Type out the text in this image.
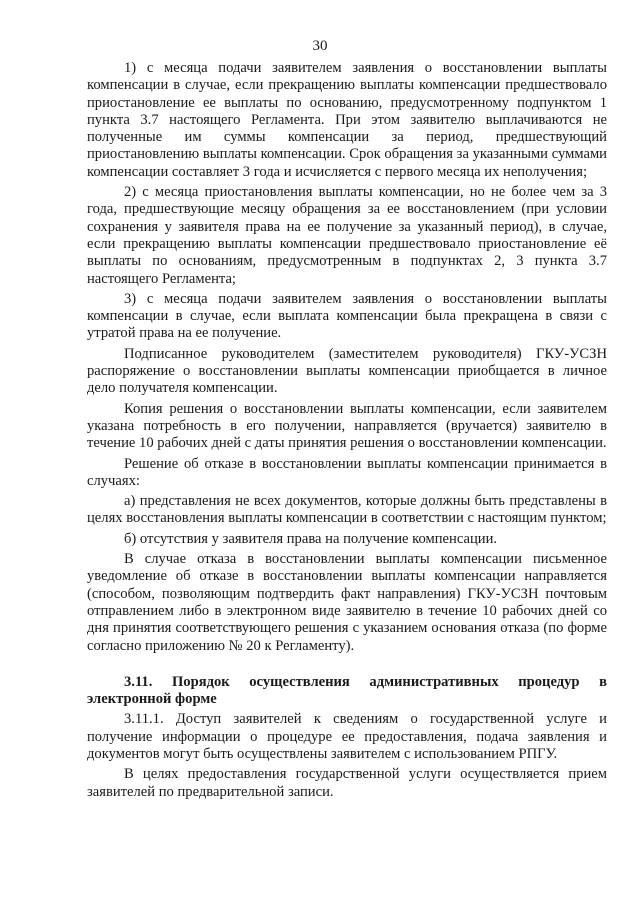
30

1) с месяца подачи заявителем заявления о восстановлении выплаты компенсации в случае, если прекращению выплаты компенсации предшествовало приостановление ее выплаты по основанию, предусмотренному подпунктом 1 пункта 3.7 настоящего Регламента. При этом заявителю выплачиваются не полученные им суммы компенсации за период, предшествующий приостановлению выплаты компенсации. Срок обращения за указанными суммами компенсации составляет 3 года и исчисляется с первого месяца их неполучения;

2) с месяца приостановления выплаты компенсации, но не более чем за 3 года, предшествующие месяцу обращения за ее восстановлением (при условии сохранения у заявителя права на ее получение за указанный период), в случае, если прекращению выплаты компенсации предшествовало приостановление её выплаты по основаниям, предусмотренным в подпунктах 2, 3 пункта 3.7 настоящего Регламента;

3) с месяца подачи заявителем заявления о восстановлении выплаты компенсации в случае, если выплата компенсации была прекращена в связи с утратой права на ее получение.

Подписанное руководителем (заместителем руководителя) ГКУ-УСЗН распоряжение о восстановлении выплаты компенсации приобщается в личное дело получателя компенсации.

Копия решения о восстановлении выплаты компенсации, если заявителем указана потребность в его получении, направляется (вручается) заявителю в течение 10 рабочих дней с даты принятия решения о восстановлении компенсации.

Решение об отказе в восстановлении выплаты компенсации принимается в случаях:

а) представления не всех документов, которые должны быть представлены в целях восстановления выплаты компенсации в соответствии с настоящим пунктом;

б) отсутствия у заявителя права на получение компенсации.

В случае отказа в восстановлении выплаты компенсации письменное уведомление об отказе в восстановлении выплаты компенсации направляется (способом, позволяющим подтвердить факт направления) ГКУ-УСЗН почтовым отправлением либо в электронном виде заявителю в течение 10 рабочих дней со дня принятия соответствующего решения с указанием основания отказа (по форме согласно приложению № 20 к Регламенту).

3.11. Порядок осуществления административных процедур в электронной форме

3.11.1. Доступ заявителей к сведениям о государственной услуге и получение информации о процедуре ее предоставления, подача заявления и документов могут быть осуществлены заявителем с использованием РПГУ.

В целях предоставления государственной услуги осуществляется прием заявителей по предварительной записи.
